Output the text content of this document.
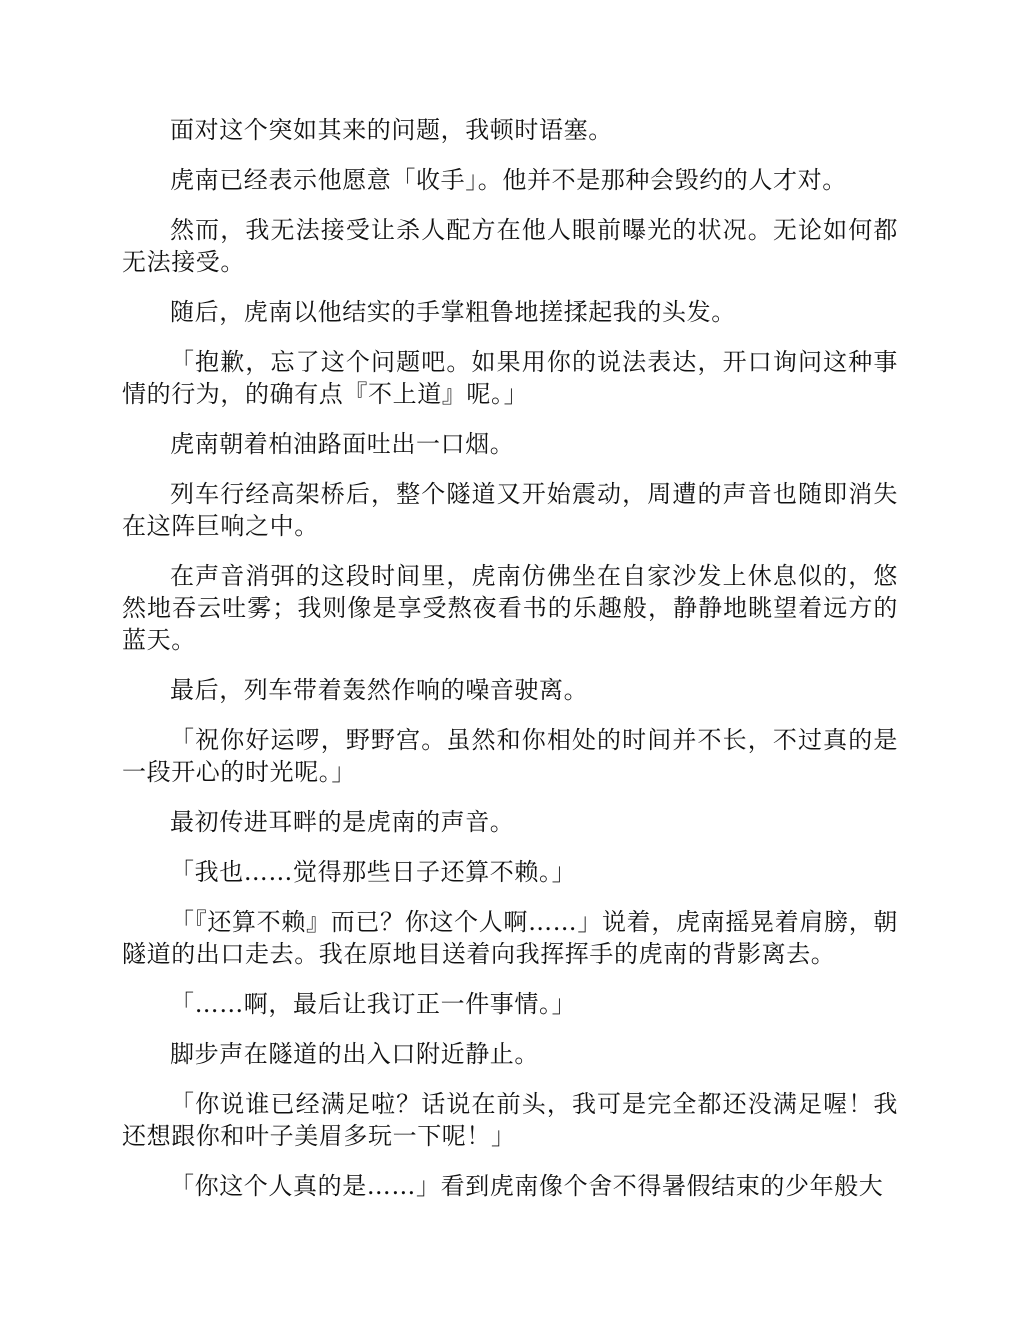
面对这个突如其来的问题，我顿时语塞。

虎南已经表示他愿意「收手」。他并不是那种会毁约的人才对。

然而，我无法接受让杀人配方在他人眼前曝光的状况。无论如何都无法接受。

随后，虎南以他结实的手掌粗鲁地搓揉起我的头发。

「抱歉，忘了这个问题吧。如果用你的说法表达，开口询问这种事情的行为，的确有点『不上道』呢。」

虎南朝着柏油路面吐出一口烟。

列车行经高架桥后，整个隧道又开始震动，周遭的声音也随即消失在这阵巨响之中。

在声音消弭的这段时间里，虎南仿佛坐在自家沙发上休息似的，悠然地吞云吐雾；我则像是享受熬夜看书的乐趣般，静静地眺望着远方的蓝天。

最后，列车带着轰然作响的噪音驶离。

「祝你好运啰，野野宫。虽然和你相处的时间并不长，不过真的是一段开心的时光呢。」

最初传进耳畔的是虎南的声音。

「我也……觉得那些日子还算不赖。」

「『还算不赖』而已？你这个人啊……」说着，虎南摇晃着肩膀，朝隧道的出口走去。我在原地目送着向我挥挥手的虎南的背影离去。

「……啊，最后让我订正一件事情。」

脚步声在隧道的出入口附近静止。

「你说谁已经满足啦？话说在前头，我可是完全都还没满足喔！我还想跟你和叶子美眉多玩一下呢！」

「你这个人真的是……」看到虎南像个舍不得暑假结束的少年般大
